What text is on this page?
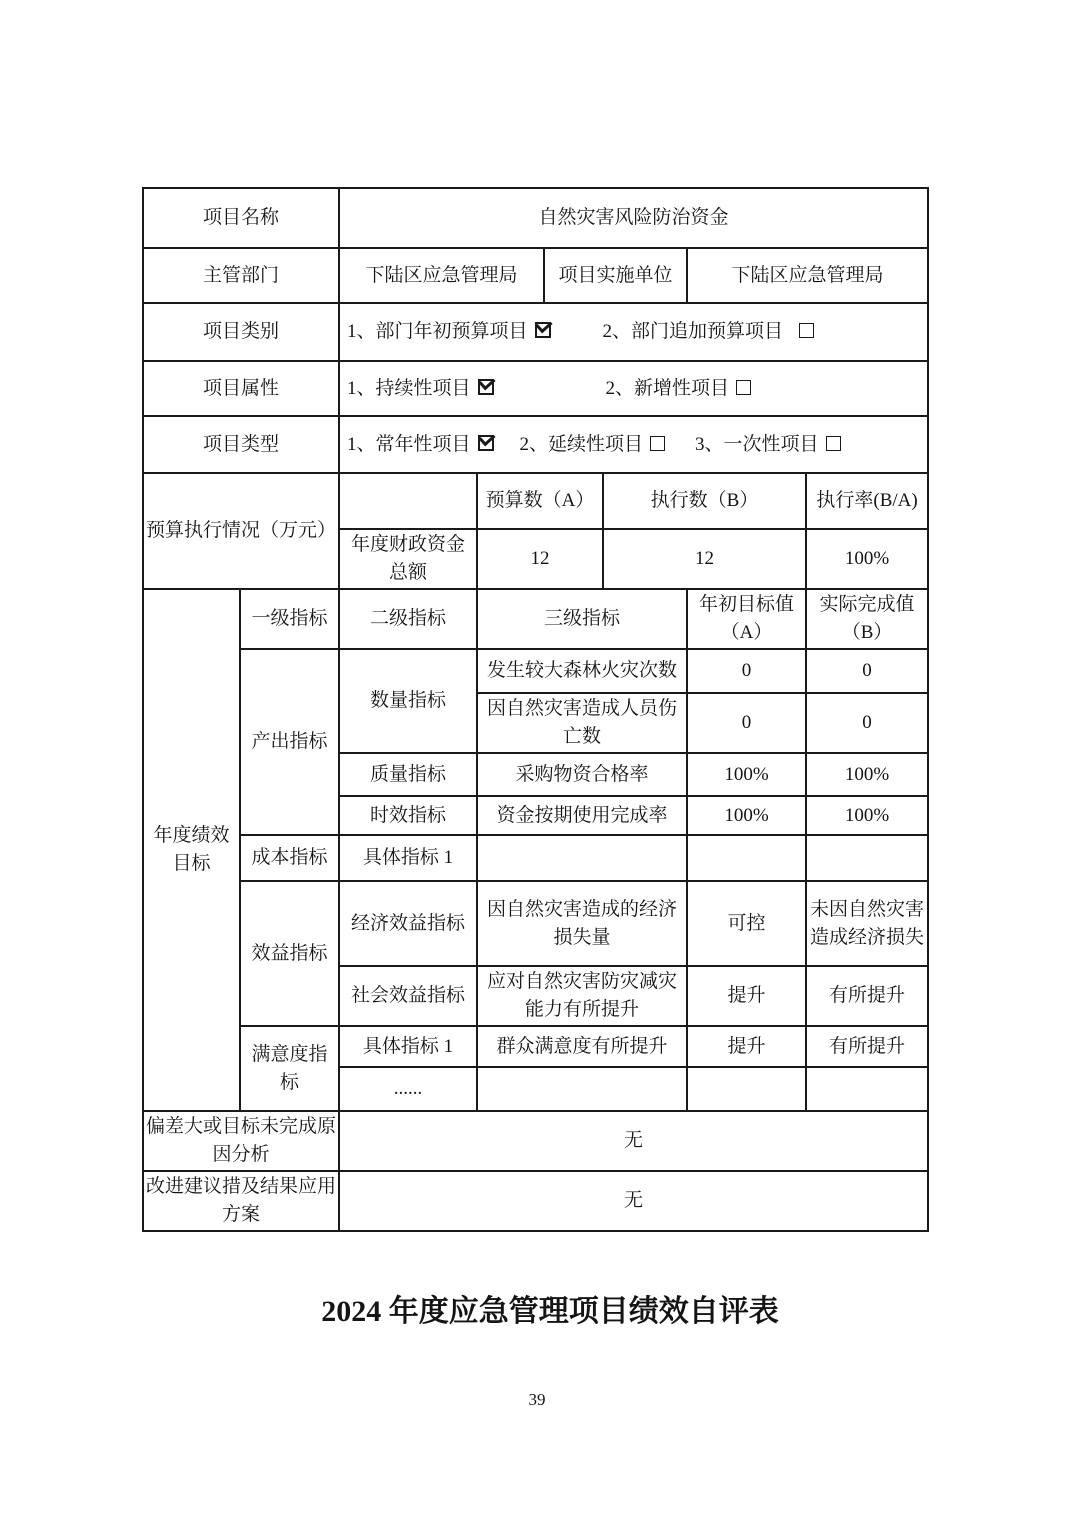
项目名称		自然灾害风险防治资金					
主管部门		下陆区应急管理局		项目实施单位		下陆区应急管理局	
项目类别		1、部门年初预算项目 2、部门追加预算项目					
项目属性		1、持续性项目 2、新增性项目					
项目类型		1、常年性项目 2、延续性项目 3、一次性项目					
预算执行情况（万元）			预算数（A）		执行数（B）		执行率(B/A)
		年度财政资金总额	12		12		100%
年度绩效目标	一级指标	二级指标	三级指标			年初目标值（A）	实际完成值（B）
	产出指标	数量指标	发生较大森林火灾次数			0	0
			因自然灾害造成人员伤亡数			0	0
		质量指标	采购物资合格率			100%	100%
		时效指标	资金按期使用完成率			100%	100%
	成本指标	具体指标 1					
	效益指标	经济效益指标	因自然灾害造成的经济损失量			可控	未因自然灾害造成经济损失
		社会效益指标	应对自然灾害防灾减灾能力有所提升			提升	有所提升
	满意度指标	具体指标 1	群众满意度有所提升			提升	有所提升
		......					
偏差大或目标未完成原因分析		无					
改进建议措及结果应用方案		无					
2024 年度应急管理项目绩效自评表
39
